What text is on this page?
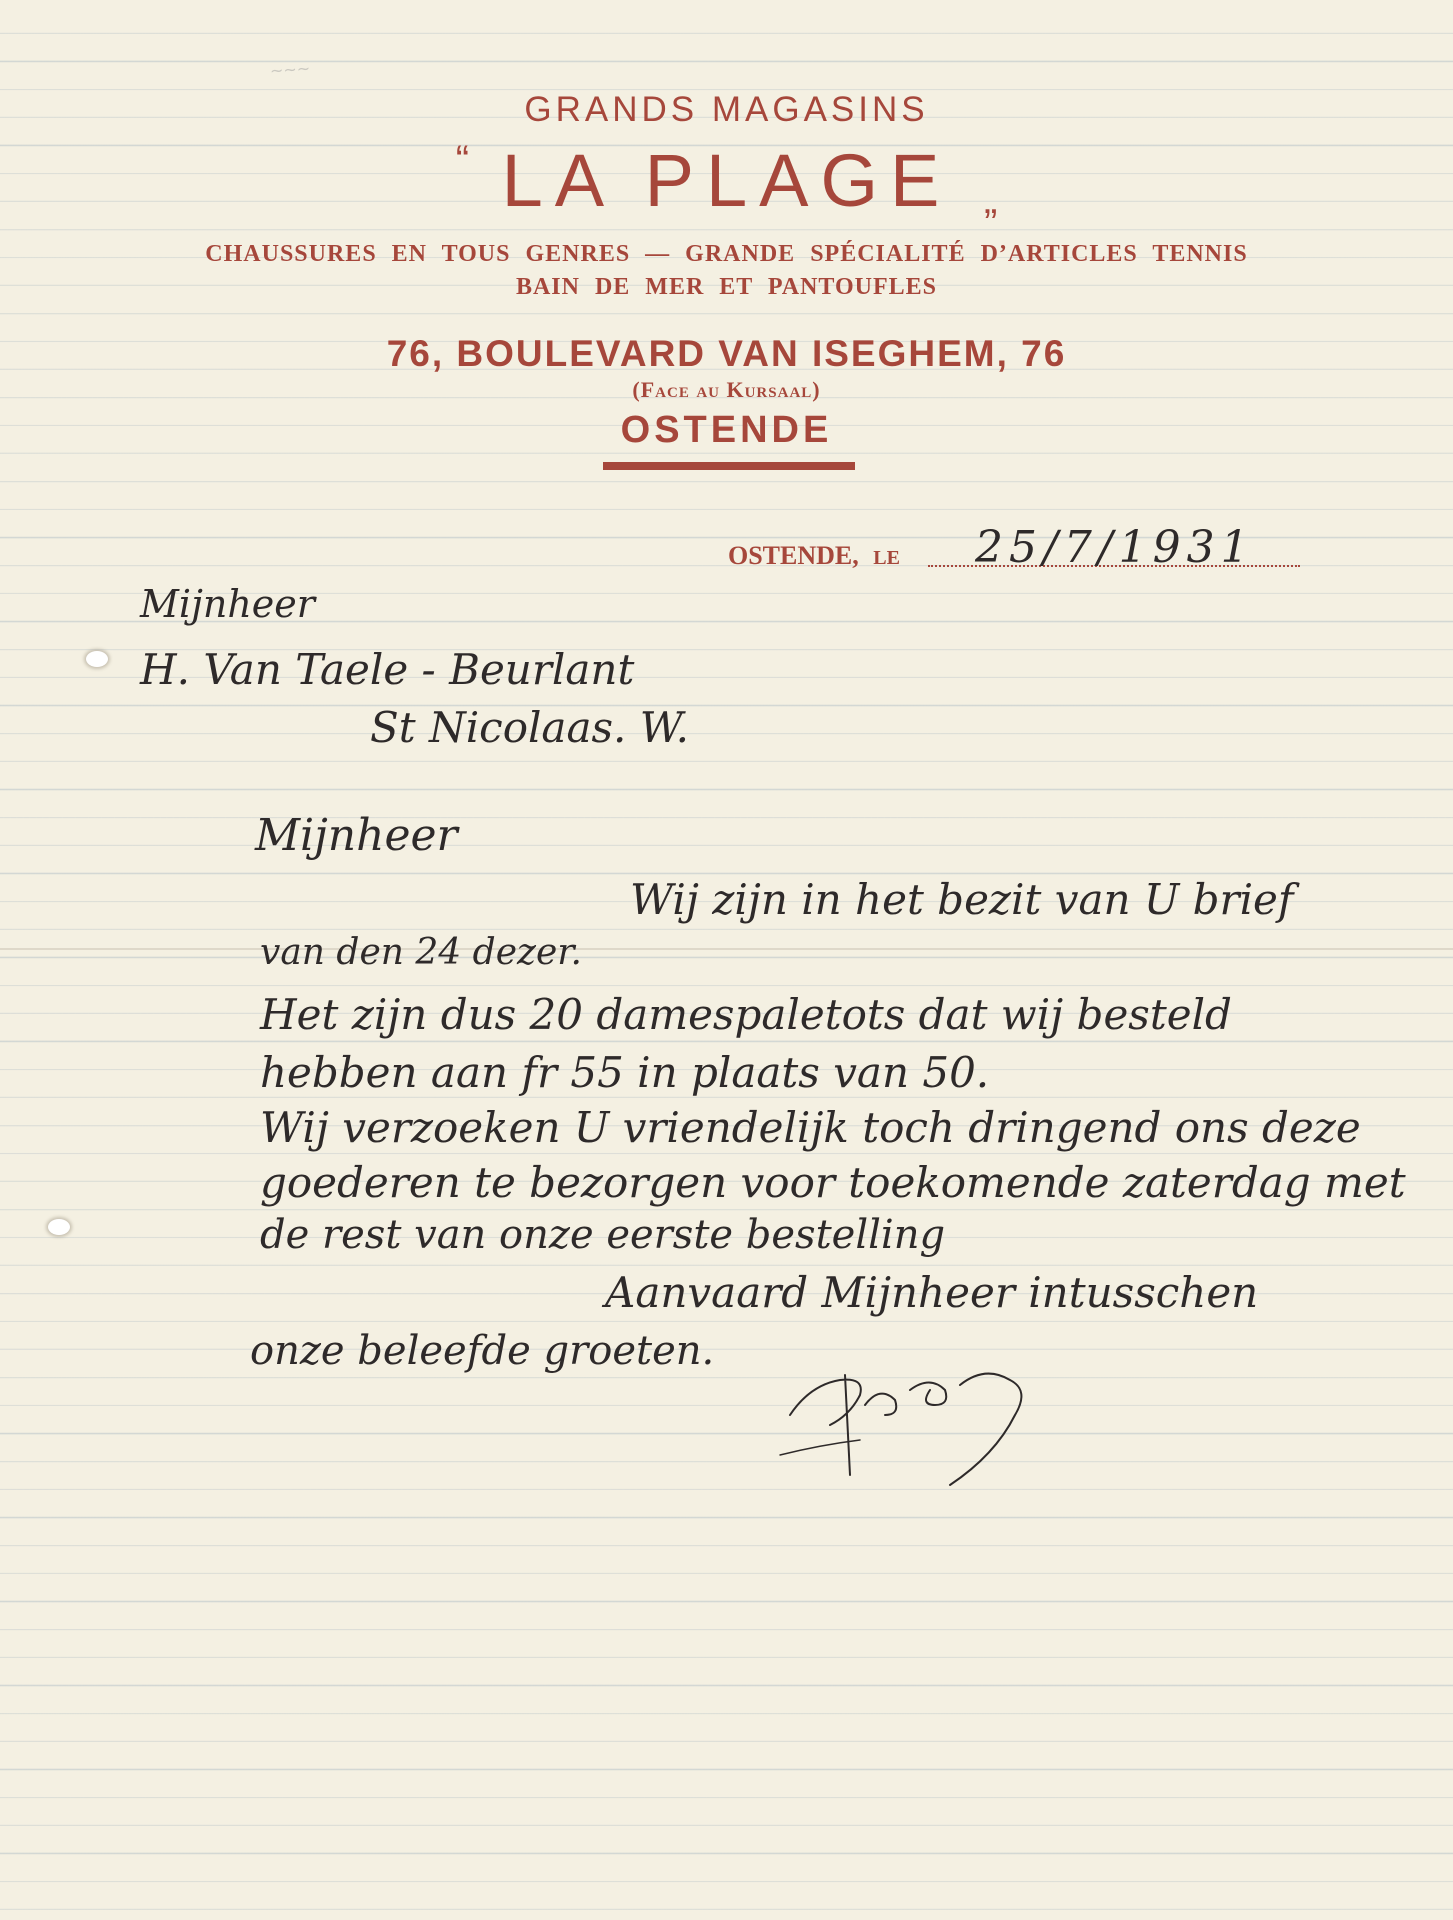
~~~
GRANDS MAGASINS
“ LA PLAGE „
CHAUSSURES EN TOUS GENRES — GRANDE SPÉCIALITÉ D’ARTICLES TENNIS
BAIN DE MER ET PANTOUFLES
76, BOULEVARD VAN ISEGHEM, 76
(Face au Kursaal)
OSTENDE
OSTENDE, LE 25/7/1931
Mijnheer
H. Van Taele - Beurlant
St Nicolaas. W.
Mijnheer
Wij zijn in het bezit van U brief
van den 24 dezer.
Het zijn dus 20 damespaletots dat wij besteld
hebben aan fr 55 in plaats van 50.
Wij verzoeken U vriendelijk toch dringend ons deze
goederen te bezorgen voor toekomende zaterdag met
de rest van onze eerste bestelling
Aanvaard Mijnheer intusschen
onze beleefde groeten.
